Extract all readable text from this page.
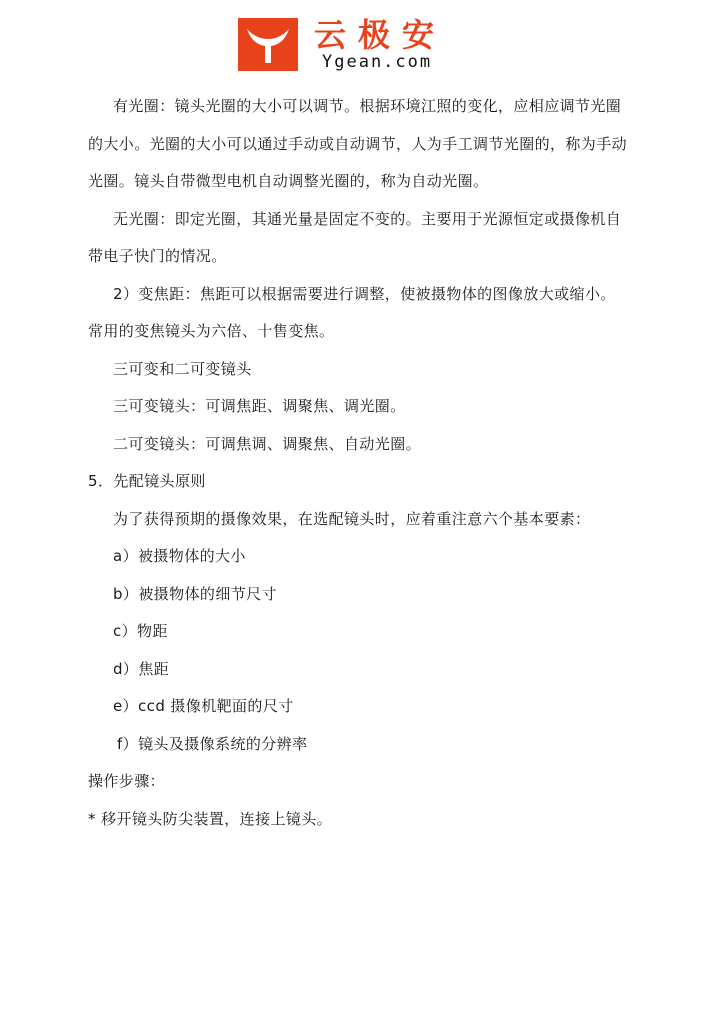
云极安
Ygean.com

有光圈：镜头光圈的大小可以调节。根据环境江照的变化，应相应调节光圈的大小。光圈的大小可以通过手动或自动调节，人为手工调节光圈的，称为手动光圈。镜头自带微型电机自动调整光圈的，称为自动光圈。

无光圈：即定光圈，其通光量是固定不变的。主要用于光源恒定或摄像机自带电子快门的情况。

2）变焦距：焦距可以根据需要进行调整，使被摄物体的图像放大或缩小。 常用的变焦镜头为六倍、十售变焦。

三可变和二可变镜头

三可变镜头：可调焦距、调聚焦、调光圈。

二可变镜头：可调焦调、调聚焦、自动光圈。

5．先配镜头原则

为了获得预期的摄像效果，在选配镜头时，应着重注意六个基本要素：

a）被摄物体的大小

b）被摄物体的细节尺寸

c）物距

d）焦距

e）ccd 摄像机靶面的尺寸

f）镜头及摄像系统的分辨率

操作步骤：

* 移开镜头防尖装置，连接上镜头。
